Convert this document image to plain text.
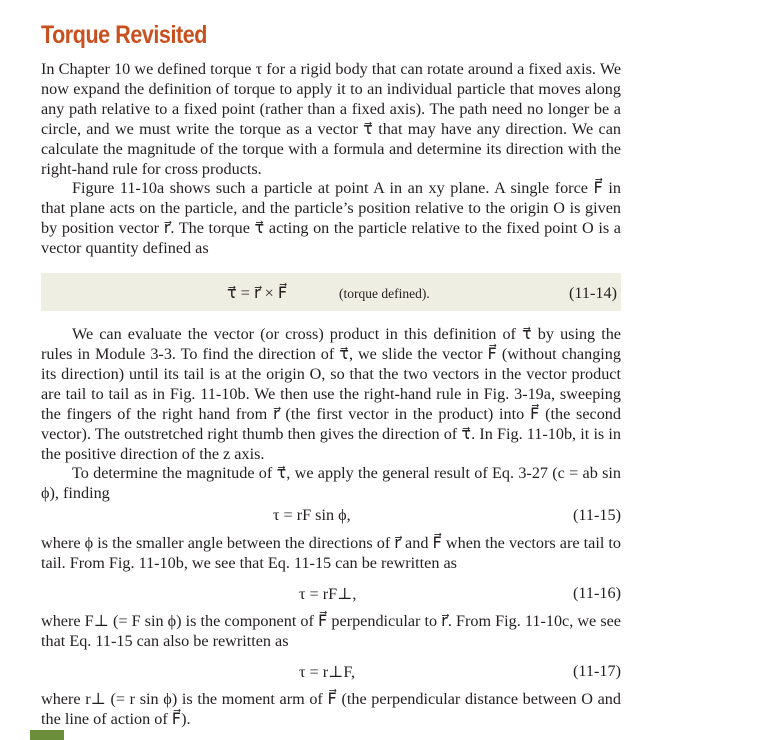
Torque Revisited

In Chapter 10 we defined torque τ for a rigid body that can rotate around a fixed axis. We now expand the definition of torque to apply it to an individual particle that moves along any path relative to a fixed point (rather than a fixed axis). The path need no longer be a circle, and we must write the torque as a vector τ⃗ that may have any direction. We can calculate the magnitude of the torque with a formula and determine its direction with the right-hand rule for cross products.

Figure 11-10a shows such a particle at point A in an xy plane. A single force F⃗ in that plane acts on the particle, and the particle’s position relative to the origin O is given by position vector r⃗. The torque τ⃗ acting on the particle relative to the fixed point O is a vector quantity defined as

τ⃗ = r⃗ × F⃗	(torque defined).	(11-14)

We can evaluate the vector (or cross) product in this definition of τ⃗ by using the rules in Module 3-3. To find the direction of τ⃗, we slide the vector F⃗ (without changing its direction) until its tail is at the origin O, so that the two vectors in the vector product are tail to tail as in Fig. 11-10b. We then use the right-hand rule in Fig. 3-19a, sweeping the fingers of the right hand from r⃗ (the first vector in the product) into F⃗ (the second vector). The outstretched right thumb then gives the direction of τ⃗. In Fig. 11-10b, it is in the positive direction of the z axis.

To determine the magnitude of τ⃗, we apply the general result of Eq. 3-27 (c = ab sin ϕ), finding

τ = rF sin ϕ,	(11-15)

where ϕ is the smaller angle between the directions of r⃗ and F⃗ when the vectors are tail to tail. From Fig. 11-10b, we see that Eq. 11-15 can be rewritten as

τ = rF⊥,	(11-16)

where F⊥ (= F sin ϕ) is the component of F⃗ perpendicular to r⃗. From Fig. 11-10c, we see that Eq. 11-15 can also be rewritten as

τ = r⊥F,	(11-17)

where r⊥ (= r sin ϕ) is the moment arm of F⃗ (the perpendicular distance between O and the line of action of F⃗).
